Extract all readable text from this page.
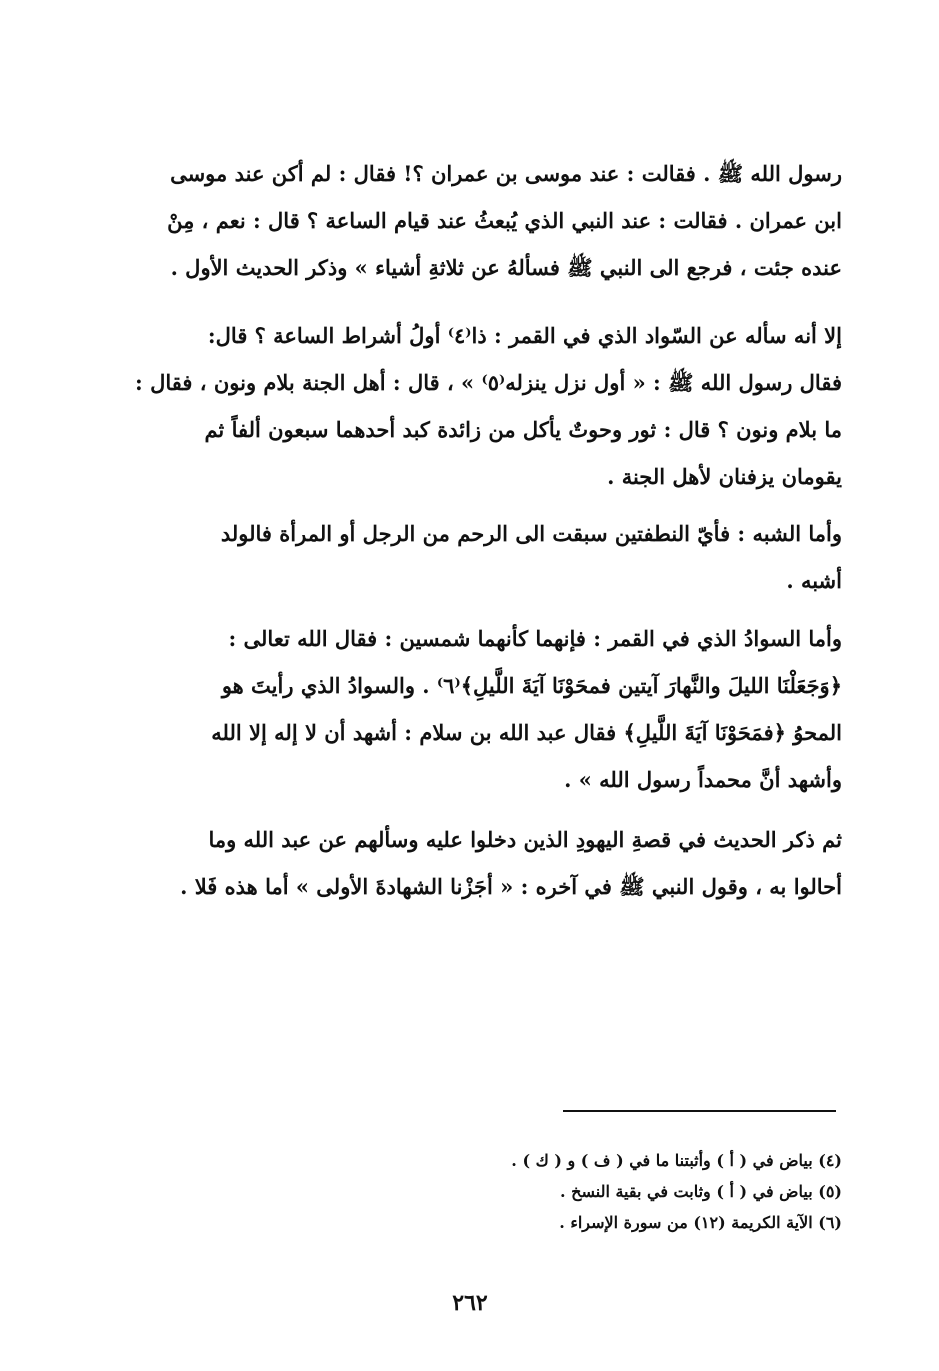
رسول الله ﷺ . فقالت : عند موسى بن عمران ؟! فقال : لم أكن عند موسى
ابن عمران . فقالت : عند النبي الذي يُبعثُ عند قيام الساعة ؟ قال : نعم ، مِنْ
عنده جئت ، فرجع الى النبي ﷺ فسألهُ عن ثلاثةِ أشياء » وذكر الحديث الأول .
إلا أنه سأله عن السّواد الذي في القمر : ذا⁽٤⁾ أولُ أشراط الساعة ؟ قال:
فقال رسول الله ﷺ : « أول نزل ينزله⁽٥⁾ » ، قال : أهل الجنة بلام ونون ، فقال :
ما بلام ونون ؟ قال : ثور وحوتٌ يأكل من زائدة كبد أحدهما سبعون ألفاً ثم
يقومان يزفنان لأهل الجنة .
وأما الشبه : فأيّ النطفتين سبقت الى الرحم من الرجل أو المرأة فالولد
أشبه .
وأما السوادُ الذي في القمر : فإنهما كأنهما شمسين : فقال الله تعالى :
﴿وَجَعَلْنَا الليلَ والنَّهارَ آيتين فمحَوْنَا آيَةَ اللَّيلِ﴾⁽٦⁾ . والسوادُ الذي رأيتَ هو
المحوُ ﴿فمَحَوْنَا آيَةَ اللَّيلِ﴾ فقال عبد الله بن سلام : أشهد أن لا إله إلا الله
وأشهد أنَّ محمداً رسول الله » .
ثم ذكر الحديث في قصةِ اليهودِ الذين دخلوا عليه وسألهم عن عبد الله وما
أحالوا به ، وقول النبي ﷺ في آخره : « أجَزْنا الشهادةَ الأولى » أما هذه فَلا .
(٤) بياض في ( أ ) وأثبتنا ما في ( ف ) و ( ك ) .
(٥) بياض في ( أ ) وثابت في بقية النسخ .
(٦) الآية الكريمة (١٢) من سورة الإسراء .
٢٦٢
